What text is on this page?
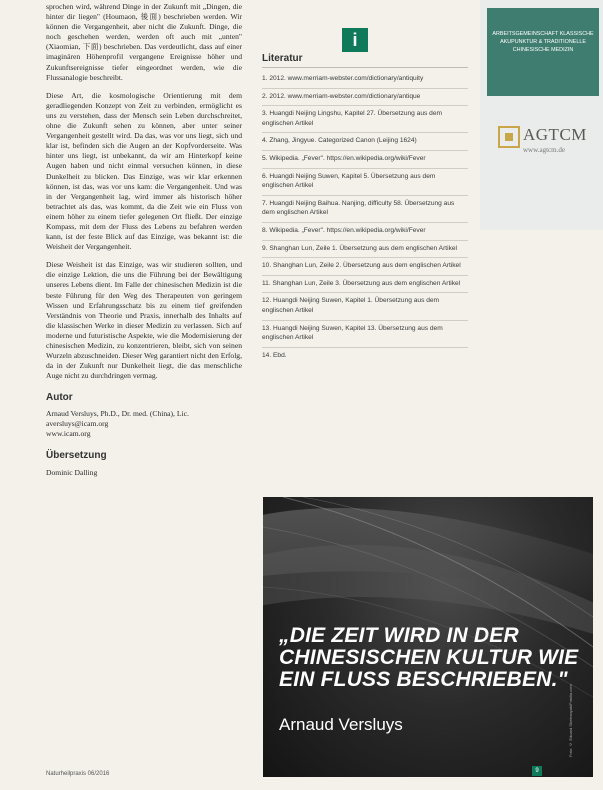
sprochen wird, während Dinge in der Zukunft mit „Dingen, die hinter dir liegen" (Houmaon, 後面) beschrieben werden. Wir können die Vergangenheit, aber nicht die Zukunft. Dinge, die noch geschehen werden, werden oft auch mit „unten" (Xiaomian, 下面) beschrieben. Das verdeutlicht, dass auf einer imaginären Höhenprofil vergangene Ereignisse höher und Zukunftsereignisse tiefer eingeordnet werden, wie die Flussanalogie beschreibt.

Diese Art, die kosmologische Orientierung mit dem geradliegenden Konzept von Zeit zu verbinden, ermöglicht es uns zu verstehen, dass der Mensch sein Leben durchschreitet, ohne die Zukunft sehen zu können, aber unter seiner Vergangenheit gestellt wird. Da das, was vor uns liegt, sich und klar ist, befinden sich die Augen an der Kopfvorderseite. Was hinter uns liegt, ist unbekannt, da wir am Hinterkopf keine Augen haben und nicht einmal versuchen können, in diese Dunkelheit zu blicken. Das Einzige, was wir klar erkennen können, ist das, was vor uns kam: die Vergangenheit. Und was in der Vergangenheit lag, wird immer als historisch höher betrachtet als das, was kommt, da die Zeit wie ein Fluss von einem höher zu einem tiefer gelegenen Ort fließt. Der einzige Kompass, mit dem der Fluss des Lebens zu befahren werden kann, ist der feste Blick auf das Einzige, was bekannt ist: die Weisheit der Vergangenheit.

Diese Weisheit ist das Einzige, was wir studieren sollten, und die einzige Lektion, die uns die Führung bei der Bewältigung unseres Lebens dient. Im Falle der chinesischen Medizin ist die beste Führung für den Weg des Therapeuten von geringem Wissen und Erfahrungsschatz bis zu einem tief greifenden Verständnis von Theorie und Praxis, innerhalb des Inhalts auf die klassischen Werke in dieser Medizin zu verlassen. Sich auf moderne und futuristische Aspekte, wie die Modernisierung der chinesischen Medizin, zu konzentrieren, bleibt, sich von seinen Wurzeln abzuschneiden. Dieser Weg garantiert nicht den Erfolg, da in der Zukunft nur Dunkelheit liegt, die das menschliche Auge nicht zu durchdringen vermag.

Autor

Arnaud Versluys, Ph.D., Dr. med. (China), Lic.

aversluys@icam.org

www.icam.org

Übersetzung

Dominic Dalling

Naturheilpraxis 06/2016
i
Literatur
1. 2012. www.merriam-webster.com/dictionary/antiquity
2. 2012. www.merriam-webster.com/dictionary/antique
3. Huangdi Neijing Lingshu, Kapitel 27. Übersetzung aus dem englischen Artikel
4. Zhang, Jingyue. Categorized Canon (Leijing 1624)
5. Wikipedia. „Fever". https://en.wikipedia.org/wiki/Fever
6. Huangdi Neijing Suwen, Kapitel 5. Übersetzung aus dem englischen Artikel
7. Huangdi Neijing Baihua. Nanjing, difficulty 58. Übersetzung aus dem englischen Artikel
8. Wikipedia. „Fever". https://en.wikipedia.org/wiki/Fever
9. Shanghan Lun, Zeile 1. Übersetzung aus dem englischen Artikel
10. Shanghan Lun, Zeile 2. Übersetzung aus dem englischen Artikel
11. Shanghan Lun, Zeile 3. Übersetzung aus dem englischen Artikel
12. Huangdi Neijing Suwen, Kapitel 1. Übersetzung aus dem englischen Artikel
13. Huangdi Neijing Suwen, Kapitel 13. Übersetzung aus dem englischen Artikel
14. Ebd.
ARBEITSGEMEINSCHAFT KLASSISCHE AKUPUNKTUR & TRADITIONELLE CHINESISCHE MEDIZIN
AGTCM
www.agtcm.de
„DIE ZEIT WIRD IN DER CHINESISCHEN KULTUR WIE EIN FLUSS BESCHRIEBEN."
Arnaud Versluys	Foto: © Eduard Shelesnyak/Fotolia.com
9
